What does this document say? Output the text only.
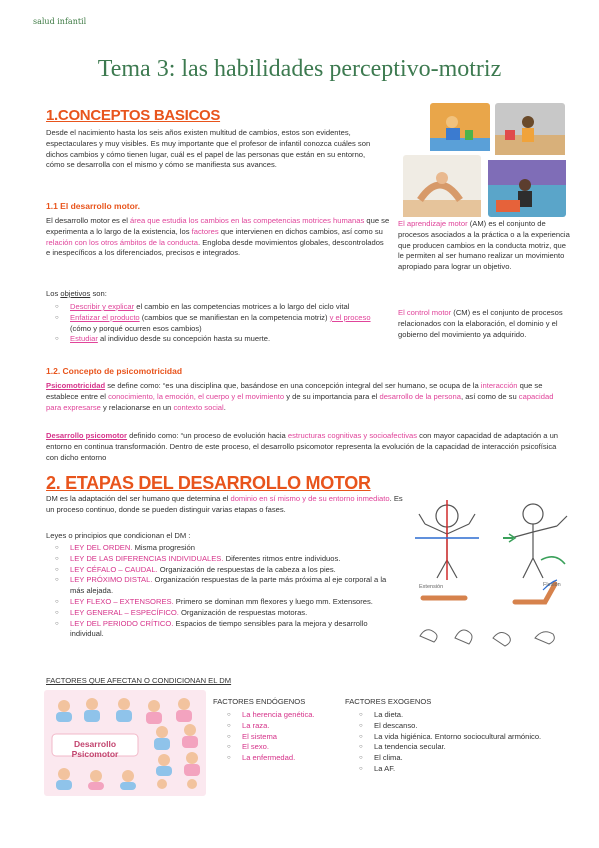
salud infantil
Tema 3: las habilidades perceptivo-motriz
1.CONCEPTOS BASICOS
Desde el nacimiento hasta los seis años existen multitud de cambios, estos son evidentes, espectaculares y muy visibles. Es muy importante que el profesor de infantil conozca cuáles son dichos cambios y cómo tienen lugar, cuál es el papel de las personas que están en su entorno, cómo se desarrolla con el mismo y cómo se manifiesta sus avances.
1.1 El desarrollo motor.
El desarrollo motor es el área que estudia los cambios en las competencias motrices humanas que se experimenta a lo largo de la existencia, los factores que intervienen en dichos cambios, así como su relación con los otros ámbitos de la conducta. Engloba desde movimientos globales, descontrolados e inespecíficos a los diferenciados, precisos e integrados.
El aprendizaje motor (AM) es el conjunto de procesos asociados a la práctica o a la experiencia que producen cambios en la conducta motriz, que le permiten al ser humano realizar un movimiento apropiado para lograr un objetivo.
El control motor (CM) es el conjunto de procesos relacionados con la elaboración, el dominio y el gobierno del movimiento ya adquirido.
Los objetivos son:
○ Describir y explicar el cambio en las competencias motrices a lo largo del ciclo vital
○ Enfatizar el producto (cambios que se manifiestan en la competencia motriz) y el proceso (cómo y porqué ocurren esos cambios)
○ Estudiar al individuo desde su concepción hasta su muerte.
1.2. Concepto de psicomotricidad
Psicomotricidad se define como: “es una disciplina que, basándose en una concepción integral del ser humano, se ocupa de la interacción que se establece entre el conocimiento, la emoción, el cuerpo y el movimiento y de su importancia para el desarrollo de la persona, así como de su capacidad para expresarse y relacionarse en un contexto social.
Desarrollo psicomotor definido como: “un proceso de evolución hacia estructuras cognitivas y socioafectivas con mayor capacidad de adaptación a un entorno en continua transformación. Dentro de este proceso, el desarrollo psicomotor representa la evolución de la capacidad de interacción psicofísica con dicho entorno
2. ETAPAS DEL DESARROLLO MOTOR
DM es la adaptación del ser humano que determina el dominio en sí mismo y de su entorno inmediato. Es un proceso continuo, donde se pueden distinguir varias etapas o fases.
Leyes o principios que condicionan el DM :
○ LEY DEL ORDEN. Misma progresión
○ LEY DE LAS DIFERENCIAS INDIVIDUALES. Diferentes ritmos entre individuos.
○ LEY CÉFALO – CAUDAL. Organización de respuestas de la cabeza a los pies.
○ LEY PRÓXIMO DISTAL. Organización respuestas de la parte más próxima al eje corporal a la más alejada.
○ LEY FLEXO – EXTENSORES. Primero se dominan mm flexores y luego mm. Extensores.
○ LEY GENERAL – ESPECÍFICO. Organización de respuestas motoras.
○ LEY DEL PERIODO CRÍTICO. Espacios de tiempo sensibles para la mejora y desarrollo individual.
Extensión	Flexión
FACTORES QUE AFECTAN O CONDICIONAN EL DM
Desarrollo Psicomotor
FACTORES ENDÓGENOS
○ La herencia genética.
○ La raza.
○ El sistema
○ El sexo.
○ La enfermedad.
FACTORES EXOGENOS
○ La dieta.
○ El descanso.
○ La vida higiénica. Entorno sociocultural armónico.
○ La tendencia secular.
○ El clima.
○ La AF.
